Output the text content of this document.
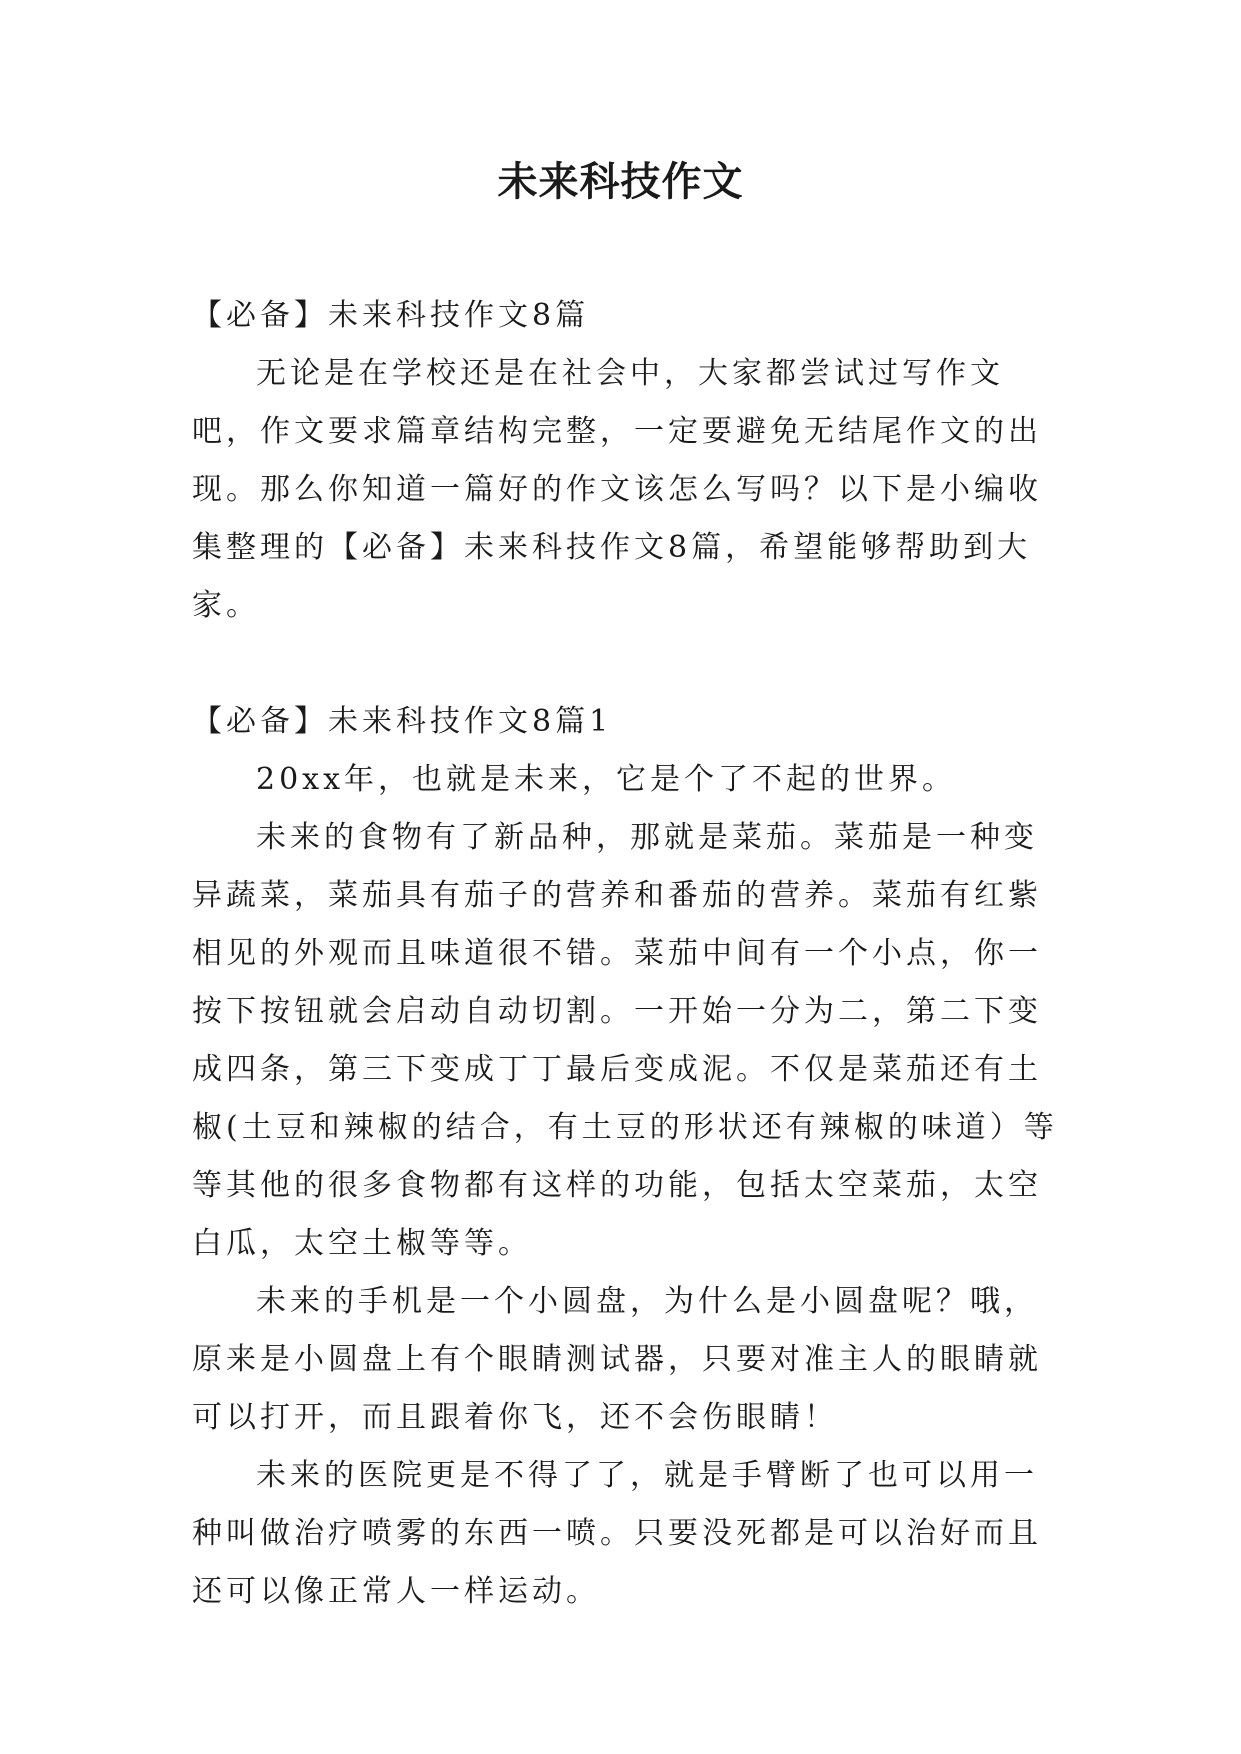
未来科技作文

【必备】未来科技作文8篇

无论是在学校还是在社会中，大家都尝试过写作文吧，作文要求篇章结构完整，一定要避免无结尾作文的出现。那么你知道一篇好的作文该怎么写吗？以下是小编收集整理的【必备】未来科技作文8篇，希望能够帮助到大家。

【必备】未来科技作文8篇1

20xx年，也就是未来，它是个了不起的世界。

未来的食物有了新品种，那就是菜茄。菜茄是一种变异蔬菜，菜茄具有茄子的营养和番茄的营养。菜茄有红紫相见的外观而且味道很不错。菜茄中间有一个小点，你一按下按钮就会启动自动切割。一开始一分为二，第二下变成四条，第三下变成丁丁最后变成泥。不仅是菜茄还有土椒(土豆和辣椒的结合，有土豆的形状还有辣椒的味道）等等其他的很多食物都有这样的功能，包括太空菜茄，太空白瓜，太空土椒等等。

未来的手机是一个小圆盘，为什么是小圆盘呢？哦，原来是小圆盘上有个眼睛测试器，只要对准主人的眼睛就可以打开，而且跟着你飞，还不会伤眼睛！

未来的医院更是不得了了，就是手臂断了也可以用一种叫做治疗喷雾的东西一喷。只要没死都是可以治好而且还可以像正常人一样运动。
